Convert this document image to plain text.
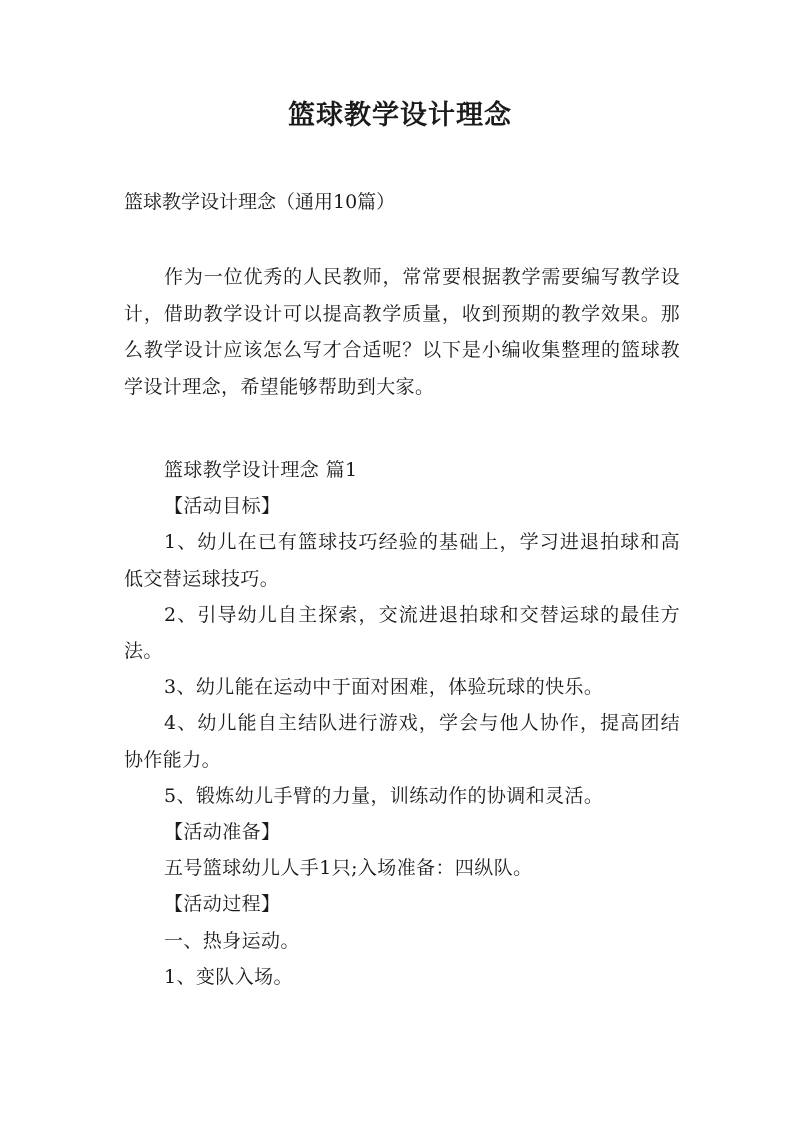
篮球教学设计理念

篮球教学设计理念（通用10篇）

作为一位优秀的人民教师，常常要根据教学需要编写教学设计，借助教学设计可以提高教学质量，收到预期的教学效果。那么教学设计应该怎么写才合适呢？以下是小编收集整理的篮球教学设计理念，希望能够帮助到大家。

篮球教学设计理念 篇1

【活动目标】

1、幼儿在已有篮球技巧经验的基础上，学习进退拍球和高低交替运球技巧。

2、引导幼儿自主探索，交流进退拍球和交替运球的最佳方法。

3、幼儿能在运动中于面对困难，体验玩球的快乐。

4、幼儿能自主结队进行游戏，学会与他人协作，提高团结协作能力。

5、锻炼幼儿手臂的力量，训练动作的协调和灵活。

【活动准备】

五号篮球幼儿人手1只;入场准备：四纵队。

【活动过程】

一、热身运动。

1、变队入场。
